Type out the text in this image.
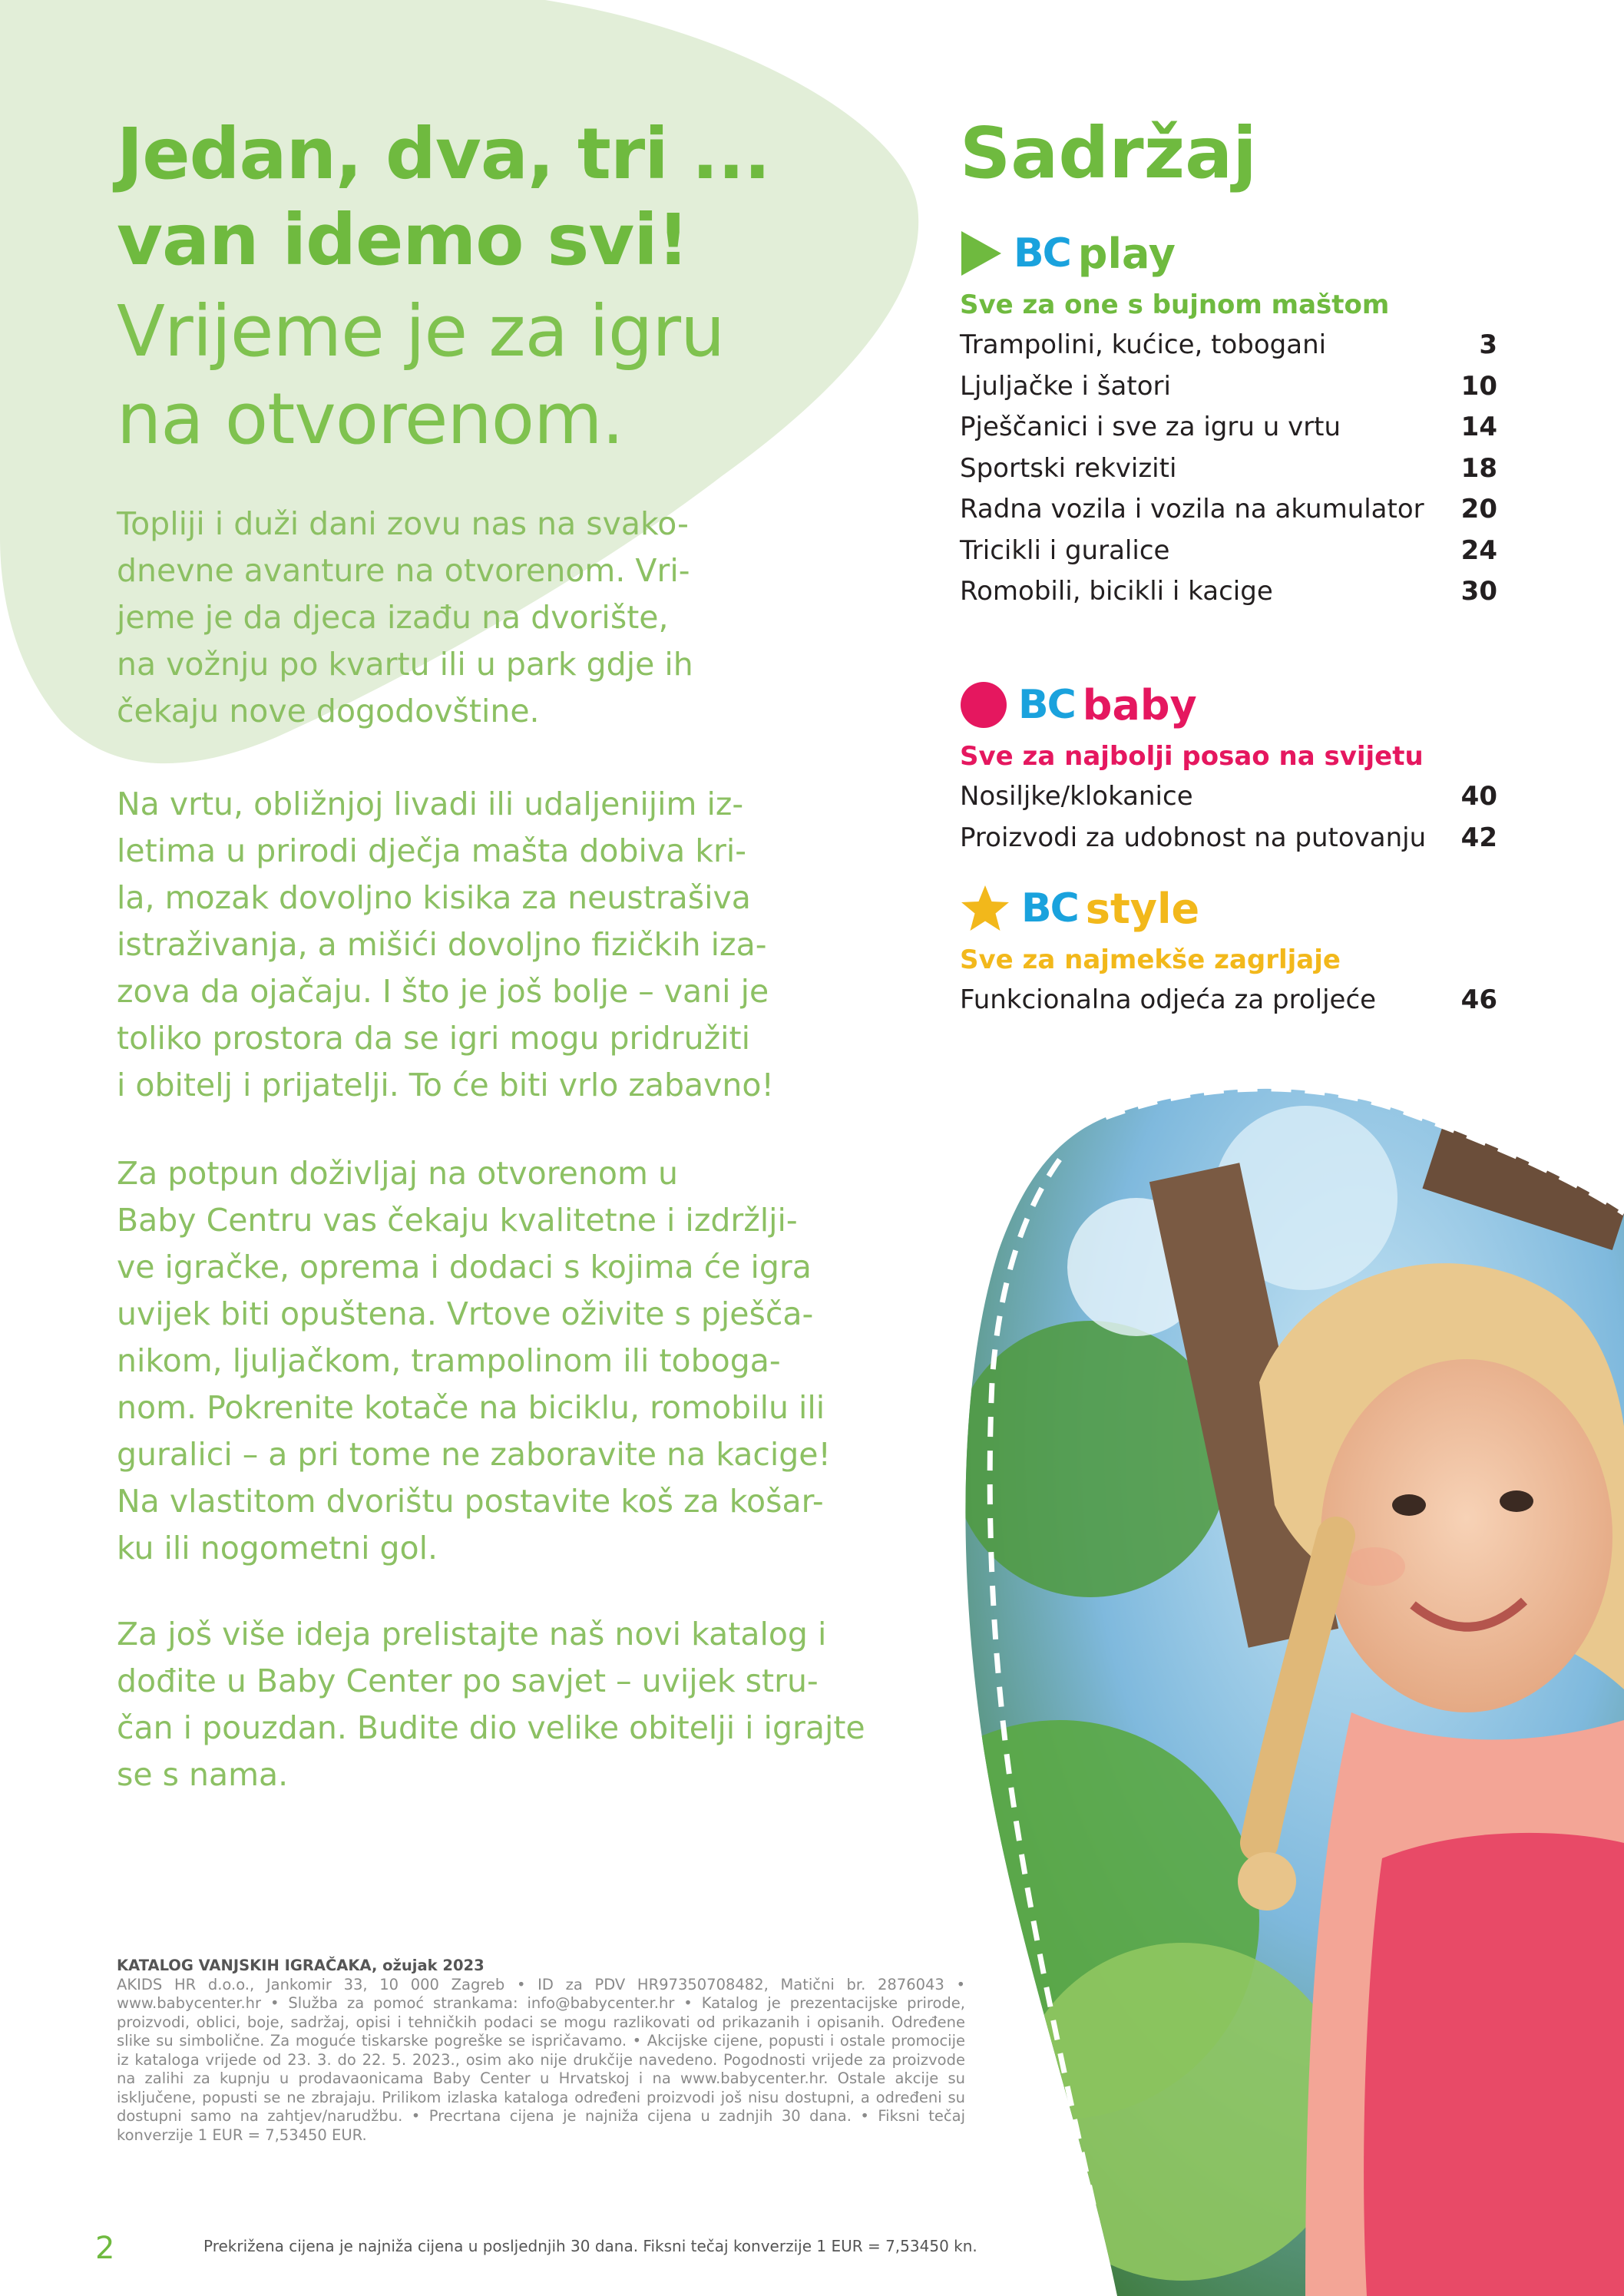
Jedan, dva, tri ...
van idemo svi!
Vrijeme je za igru
na otvorenom.

Topliji i duži dani zovu nas na svako-

dnevne avanture na otvorenom. Vri-

jeme je da djeca izađu na dvorište,

na vožnju po kvartu ili u park gdje ih

čekaju nove dogodovštine.

Na vrtu, obližnjoj livadi ili udaljenijim iz-

letima u prirodi dječja mašta dobiva kri-

la, mozak dovoljno kisika za neustrašiva

istraživanja, a mišići dovoljno fizičkih iza-

zova da ojačaju. I što je još bolje – vani je

toliko prostora da se igri mogu pridružiti

i obitelj i prijatelji. To će biti vrlo zabavno!

Za potpun doživljaj na otvorenom u

Baby Centru vas čekaju kvalitetne i izdržlji-

ve igračke, oprema i dodaci s kojima će igra

uvijek biti opuštena. Vrtove oživite s pješča-

nikom, ljuljačkom, trampolinom ili toboga-

nom. Pokrenite kotače na biciklu, romobilu ili

guralici – a pri tome ne zaboravite na kacige!

Na vlastitom dvorištu postavite koš za košar-

ku ili nogometni gol.

Za još više ideja prelistajte naš novi katalog i

dođite u Baby Center po savjet – uvijek stru-

čan i pouzdan. Budite dio velike obitelji i igrajte

se s nama.

Sadržaj
BC play
Sve za one s bujnom maštom
Trampolini, kućice, tobogani	3
Ljuljačke i šatori	10
Pješčanici i sve za igru u vrtu	14
Sportski rekviziti	18
Radna vozila i vozila na akumulator 20
Tricikli i guralice	24
Romobili, bicikli i kacige	30
BC baby
Sve za najbolji posao na svijetu
Nosiljke/klokanice	40
Proizvodi za udobnost na putovanju 42
BC style
Sve za najmekše zagrljaje
Funkcionalna odjeća za proljeće	46
KATALOG VANJSKIH IGRAČAKA, ožujak 2023
AKIDS HR d.o.o., Jankomir 33, 10 000 Zagreb • ID za PDV HR97350708482, Matični br. 2876043 • www.babycenter.hr • Služba za pomoć strankama: info@babycenter.hr • Katalog je prezentacijske prirode, proizvodi, oblici, boje, sadržaj, opisi i tehničkih podaci se mogu razlikovati od prikazanih i opisanih. Određene slike su simbolične. Za moguće tiskarske pogreške se ispričavamo. • Akcijske cijene, popusti i ostale promocije iz kataloga vrijede od 23. 3. do 22. 5. 2023., osim ako nije drukčije navedeno. Pogodnosti vrijede za proizvode na zalihi za kupnju u prodavaonicama Baby Center u Hrvatskoj i na www.babycenter.hr. Ostale akcije su isključene, popusti se ne zbrajaju. Prilikom izlaska kataloga određeni proizvodi još nisu dostupni, a određeni su dostupni samo na zahtjev/narudžbu. • Precrtana cijena je najniža cijena u zadnjih 30 dana. • Fiksni tečaj konverzije 1 EUR = 7,53450 EUR.
2	Prekrižena cijena je najniža cijena u posljednjih 30 dana. Fiksni tečaj konverzije 1 EUR = 7,53450 kn.
